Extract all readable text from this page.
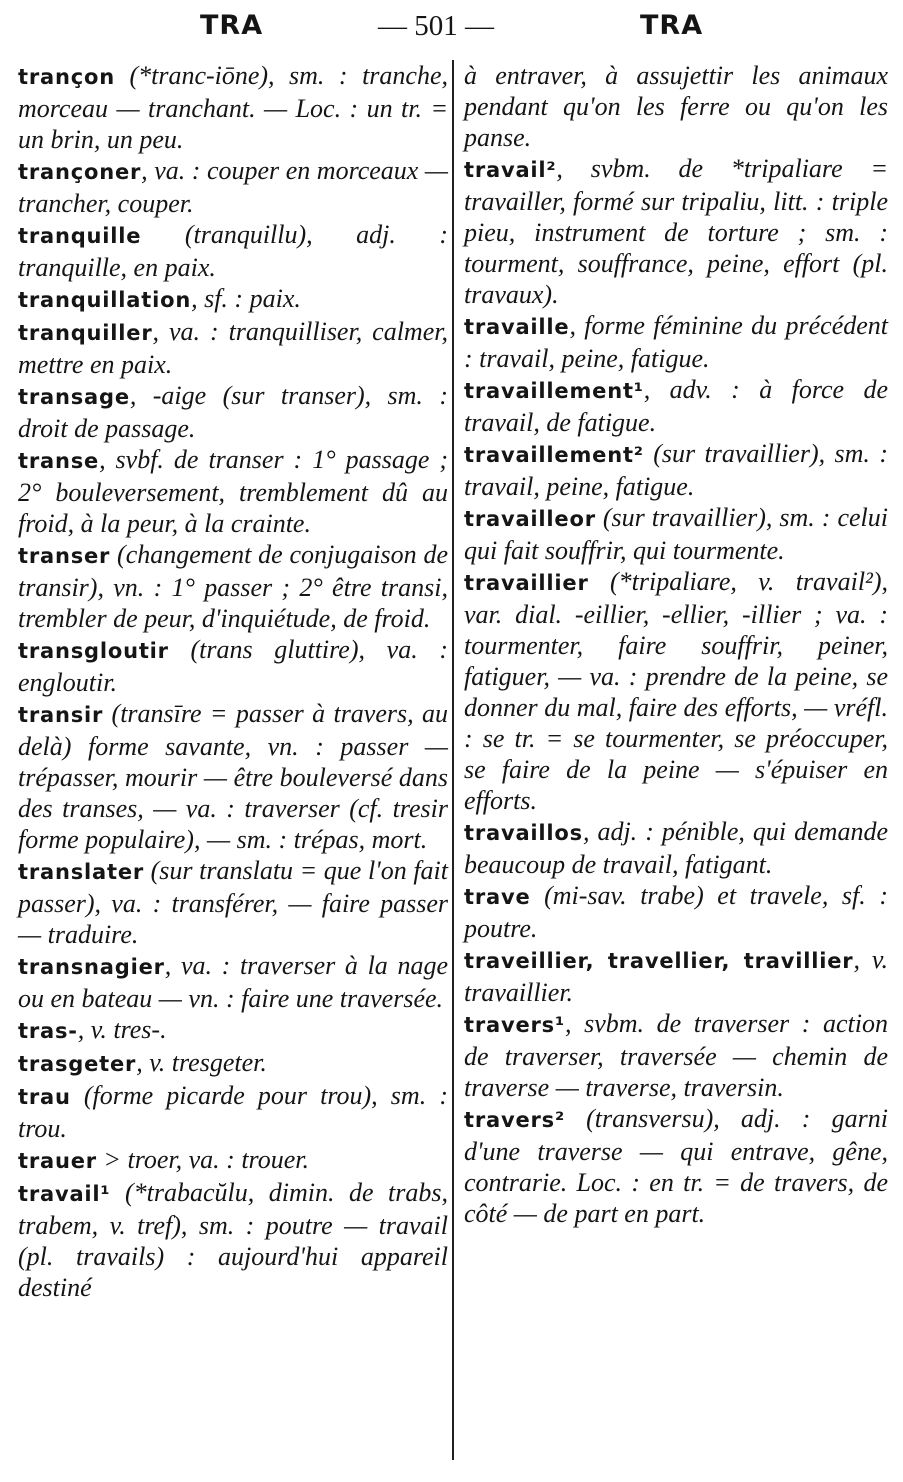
TRA	— 501 —	TRA

trançon (*tranc-iōne), sm. : tranche, morceau — tranchant. — Loc. : un tr. = un brin, un peu.

trançoner, va. : couper en morceaux — trancher, couper.

tranquille (tranquillu), adj. : tranquille, en paix.

tranquillation, sf. : paix.

tranquiller, va. : tranquilliser, calmer, mettre en paix.

transage, -aige (sur transer), sm. : droit de passage.

transe, svbf. de transer : 1° passage ; 2° bouleversement, tremblement dû au froid, à la peur, à la crainte.

transer (changement de conjugaison de transir), vn. : 1° passer ; 2° être transi, trembler de peur, d'inquiétude, de froid.

transgloutir (trans gluttire), va. : engloutir.

transir (transīre = passer à travers, au delà) forme savante, vn. : passer —trépasser, mourir — être bouleversé dans des transes, — va. : traverser (cf. tresir forme populaire), — sm. : trépas, mort.

translater (sur translatu = que l'on fait passer), va. : transférer, — faire passer — traduire.

transnagier, va. : traverser à la nage ou en bateau — vn. : faire une traversée.

tras-, v. tres-.

trasgeter, v. tresgeter.

trau (forme picarde pour trou), sm. : trou.

trauer > troer, va. : trouer.

travail¹ (*trabacŭlu, dimin. de trabs, trabem, v. tref), sm. : poutre — travail (pl. travails) : aujourd'hui appareil destiné

à entraver, à assujettir les animaux pendant qu'on les ferre ou qu'on les panse.

travail², svbm. de *tripaliare = travailler, formé sur tripaliu, litt. : triple pieu, instrument de torture ; sm. : tourment, souffrance, peine, effort (pl. travaux).

travaille, forme féminine du précédent : travail, peine, fatigue.

travaillement¹, adv. : à force de travail, de fatigue.

travaillement² (sur travaillier), sm. : travail, peine, fatigue.

travailleor (sur travaillier), sm. : celui qui fait souffrir, qui tourmente.

travaillier (*tripaliare, v. travail²), var. dial. -eillier, -ellier, -illier ; va. : tourmenter, faire souffrir, peiner, fatiguer, — va. : prendre de la peine, se donner du mal, faire des efforts, — vréfl. : se tr. = se tourmenter, se préoccuper, se faire de la peine — s'épuiser en efforts.

travaillos, adj. : pénible, qui demande beaucoup de travail, fatigant.

trave (mi-sav. trabe) et travele, sf. : poutre.

traveillier, travellier, travillier, v. travaillier.

travers¹, svbm. de traverser : action de traverser, traversée — chemin de traverse — traverse, traversin.

travers² (transversu), adj. : garni d'une traverse — qui entrave, gêne, contrarie. Loc. : en tr. = de travers, de côté — de part en part.
